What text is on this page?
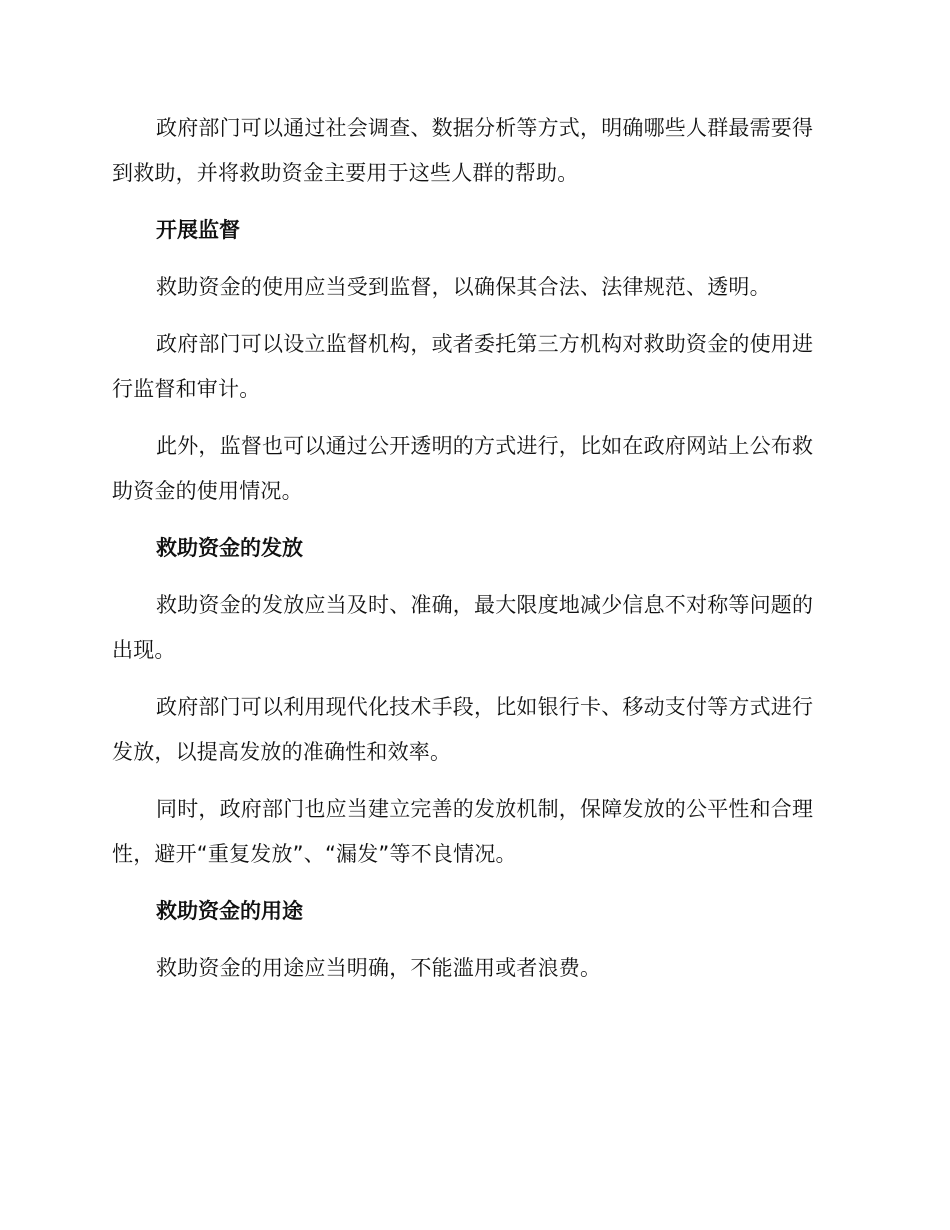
政府部门可以通过社会调查、数据分析等方式，明确哪些人群最需要得到救助，并将救助资金主要用于这些人群的帮助。

开展监督

救助资金的使用应当受到监督，以确保其合法、法律规范、透明。

政府部门可以设立监督机构，或者委托第三方机构对救助资金的使用进行监督和审计。

此外，监督也可以通过公开透明的方式进行，比如在政府网站上公布救助资金的使用情况。

救助资金的发放

救助资金的发放应当及时、准确，最大限度地减少信息不对称等问题的出现。

政府部门可以利用现代化技术手段，比如银行卡、移动支付等方式进行发放，以提高发放的准确性和效率。

同时，政府部门也应当建立完善的发放机制，保障发放的公平性和合理性，避开“重复发放”、“漏发”等不良情况。

救助资金的用途

救助资金的用途应当明确，不能滥用或者浪费。
